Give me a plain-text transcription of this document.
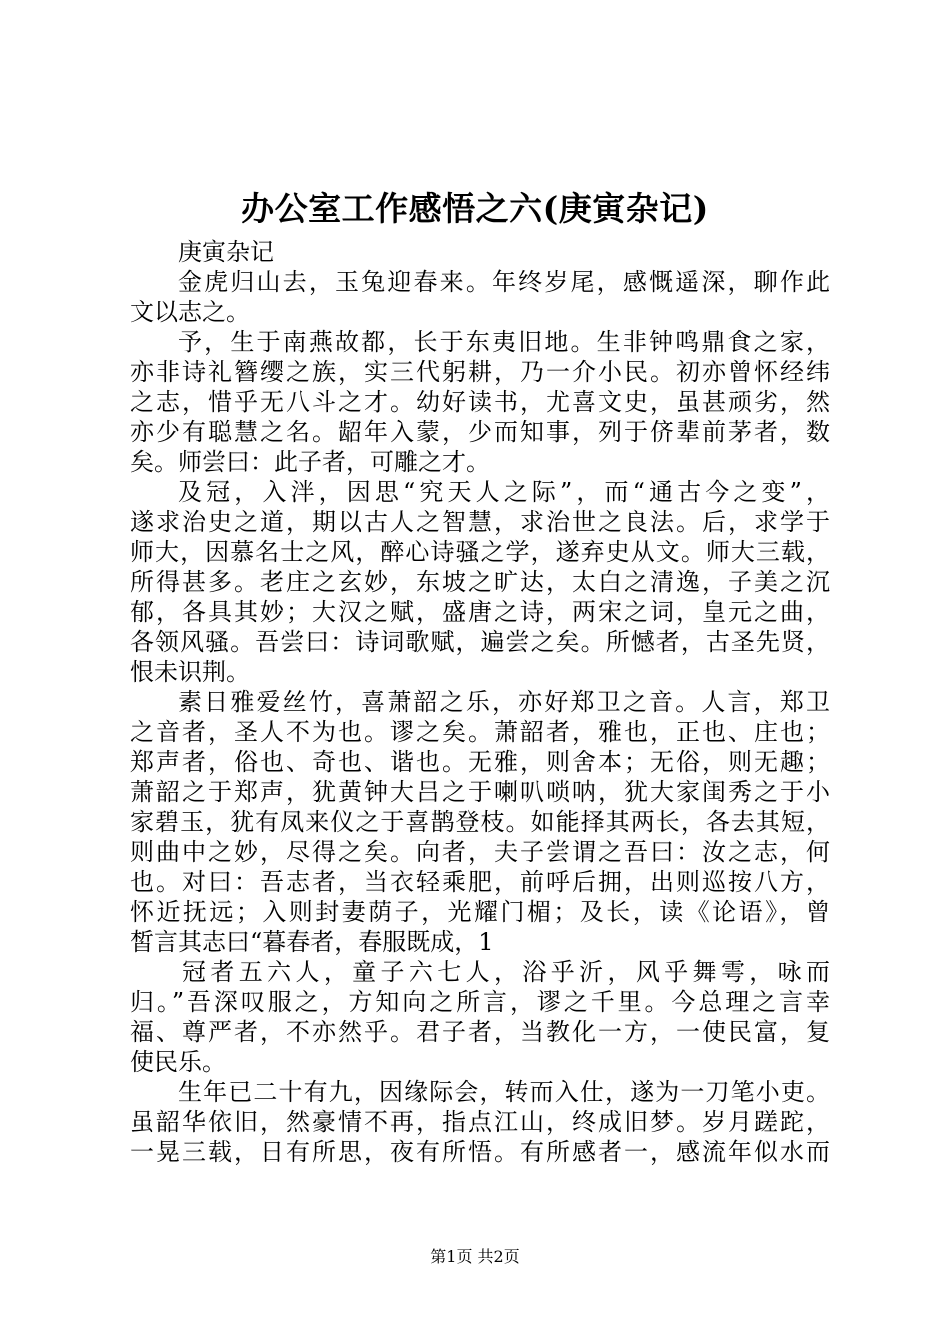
办公室工作感悟之六(庚寅杂记)
庚寅杂记
金虎归山去，玉兔迎春来。年终岁尾，感慨遥深，聊作此
文以志之。
予，生于南燕故都，长于东夷旧地。生非钟鸣鼎食之家，
亦非诗礼簪缨之族，实三代躬耕，乃一介小民。初亦曾怀经纬
之志，惜乎无八斗之才。幼好读书，尤喜文史，虽甚顽劣，然
亦少有聪慧之名。龆年入蒙，少而知事，列于侪辈前茅者，数
矣。师尝曰：此子者，可雕之才。
及冠，入泮，因思“究天人之际”，而“通古今之变”，
遂求治史之道，期以古人之智慧，求治世之良法。后，求学于
师大，因慕名士之风，醉心诗骚之学，遂弃史从文。师大三载，
所得甚多。老庄之玄妙，东坡之旷达，太白之清逸，子美之沉
郁，各具其妙；大汉之赋，盛唐之诗，两宋之词，皇元之曲，
各领风骚。吾尝曰：诗词歌赋，遍尝之矣。所憾者，古圣先贤，
恨未识荆。
素日雅爱丝竹，喜萧韶之乐，亦好郑卫之音。人言，郑卫
之音者，圣人不为也。谬之矣。萧韶者，雅也，正也、庄也；
郑声者，俗也、奇也、谐也。无雅，则舍本；无俗，则无趣；
萧韶之于郑声，犹黄钟大吕之于喇叭唢呐，犹大家闺秀之于小
家碧玉，犹有凤来仪之于喜鹊登枝。如能择其两长，各去其短，
则曲中之妙，尽得之矣。向者，夫子尝谓之吾曰：汝之志，何
也。对曰：吾志者，当衣轻乘肥，前呼后拥，出则巡按八方，
怀近抚远；入则封妻荫子，光耀门楣；及长，读《论语》，曾
皙言其志曰“暮春者，春服既成，1
冠者五六人，童子六七人，浴乎沂，风乎舞雩，咏而
归。”吾深叹服之，方知向之所言，谬之千里。今总理之言幸
福、尊严者，不亦然乎。君子者，当教化一方，一使民富，复
使民乐。
生年已二十有九，因缘际会，转而入仕，遂为一刀笔小吏。
虽韶华依旧，然豪情不再，指点江山，终成旧梦。岁月蹉跎，
一晃三载，日有所思，夜有所悟。有所感者一，感流年似水而
第1页 共2页
